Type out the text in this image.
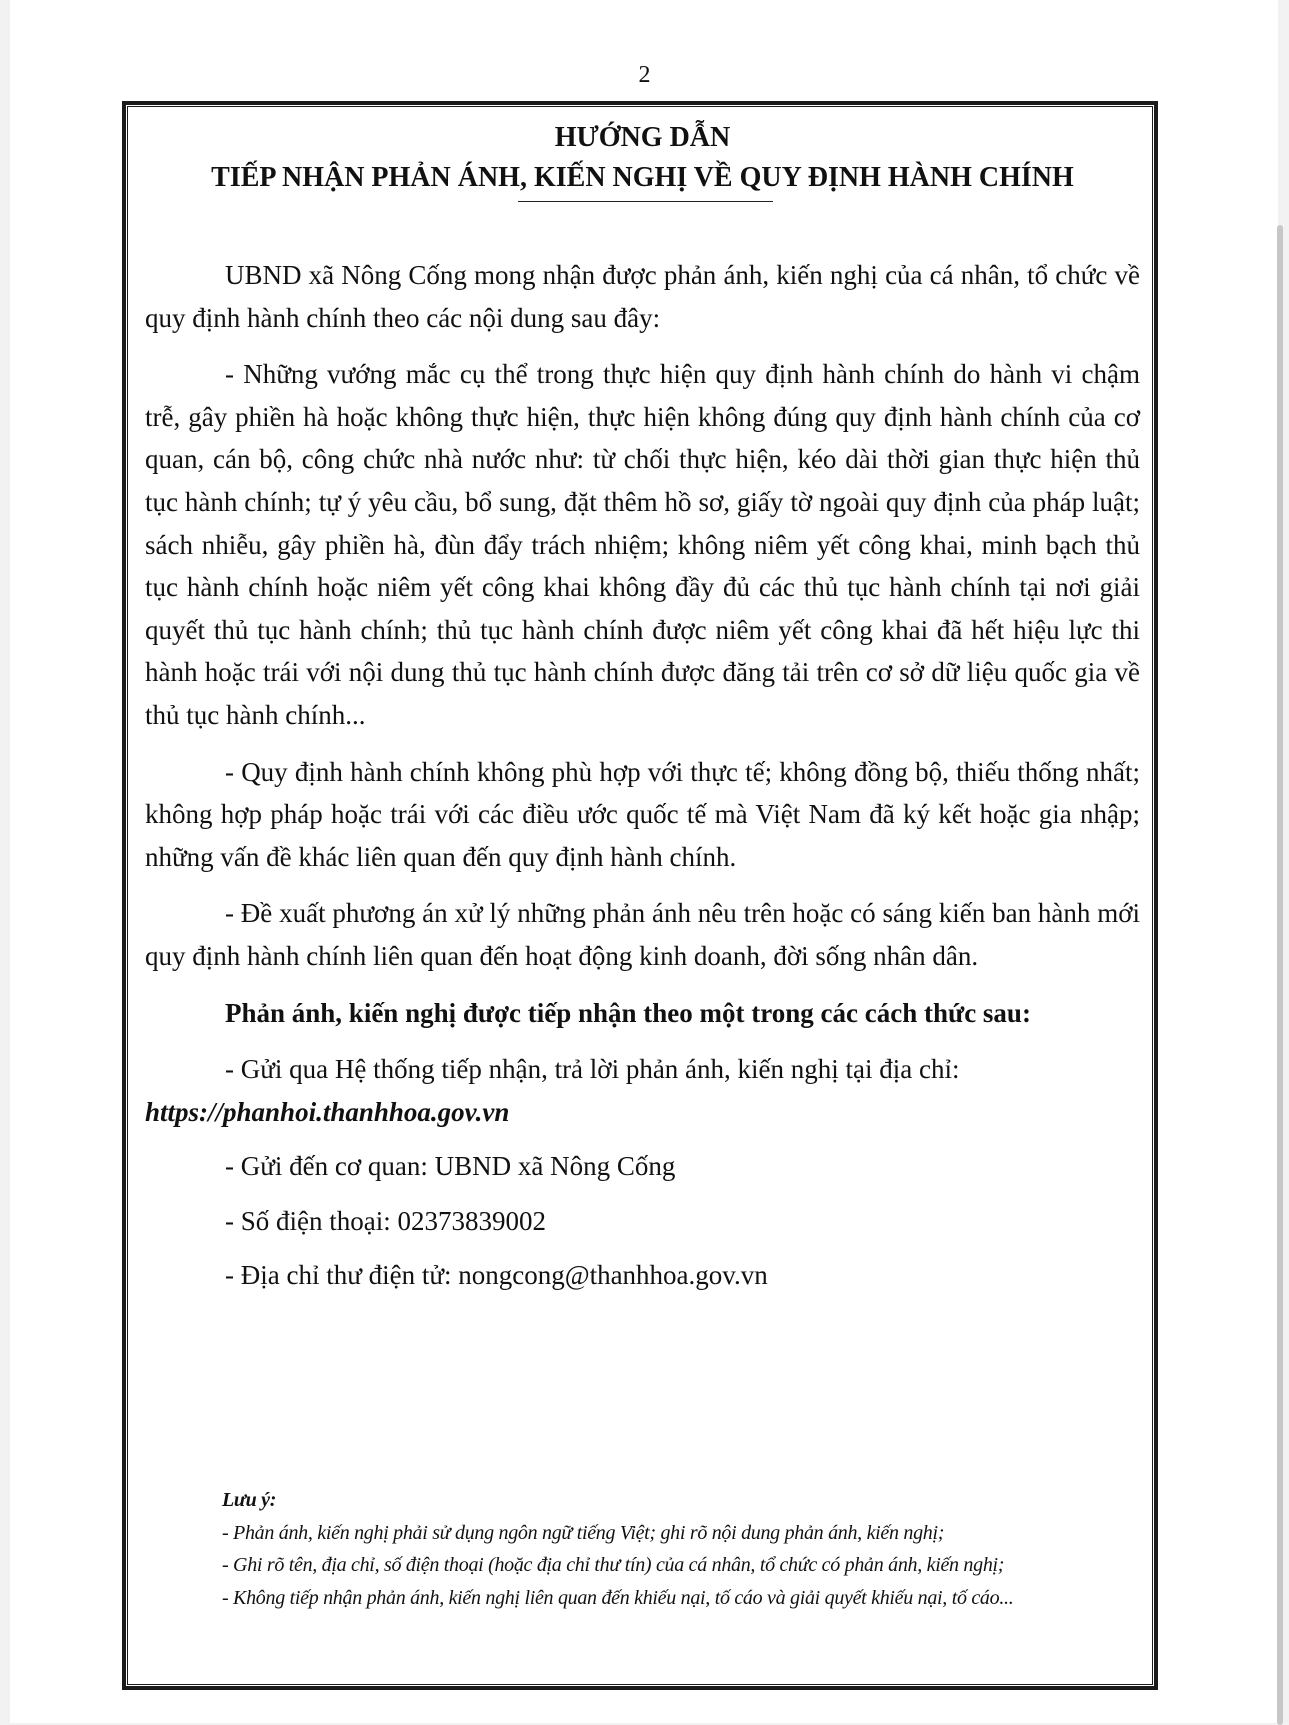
2

HƯỚNG DẪN

TIẾP NHẬN PHẢN ÁNH, KIẾN NGHỊ VỀ QUY ĐỊNH HÀNH CHÍNH

UBND xã Nông Cống mong nhận được phản ánh, kiến nghị của cá nhân, tổ chức về quy định hành chính theo các nội dung sau đây:

- Những vướng mắc cụ thể trong thực hiện quy định hành chính do hành vi chậm trễ, gây phiền hà hoặc không thực hiện, thực hiện không đúng quy định hành chính của cơ quan, cán bộ, công chức nhà nước như: từ chối thực hiện, kéo dài thời gian thực hiện thủ tục hành chính; tự ý yêu cầu, bổ sung, đặt thêm hồ sơ, giấy tờ ngoài quy định của pháp luật; sách nhiễu, gây phiền hà, đùn đẩy trách nhiệm; không niêm yết công khai, minh bạch thủ tục hành chính hoặc niêm yết công khai không đầy đủ các thủ tục hành chính tại nơi giải quyết thủ tục hành chính; thủ tục hành chính được niêm yết công khai đã hết hiệu lực thi hành hoặc trái với nội dung thủ tục hành chính được đăng tải trên cơ sở dữ liệu quốc gia về thủ tục hành chính...

- Quy định hành chính không phù hợp với thực tế; không đồng bộ, thiếu thống nhất; không hợp pháp hoặc trái với các điều ước quốc tế mà Việt Nam đã ký kết hoặc gia nhập; những vấn đề khác liên quan đến quy định hành chính.

- Đề xuất phương án xử lý những phản ánh nêu trên hoặc có sáng kiến ban hành mới quy định hành chính liên quan đến hoạt động kinh doanh, đời sống nhân dân.

Phản ánh, kiến nghị được tiếp nhận theo một trong các cách thức sau:

- Gửi qua Hệ thống tiếp nhận, trả lời phản ánh, kiến nghị tại địa chỉ:

https://phanhoi.thanhhoa.gov.vn

- Gửi đến cơ quan: UBND xã Nông Cống

- Số điện thoại: 02373839002

- Địa chỉ thư điện tử: nongcong@thanhhoa.gov.vn

Lưu ý:
- Phản ánh, kiến nghị phải sử dụng ngôn ngữ tiếng Việt; ghi rõ nội dung phản ánh, kiến nghị;
- Ghi rõ tên, địa chỉ, số điện thoại (hoặc địa chỉ thư tín) của cá nhân, tổ chức có phản ánh, kiến nghị;
- Không tiếp nhận phản ánh, kiến nghị liên quan đến khiếu nại, tố cáo và giải quyết khiếu nại, tố cáo...
